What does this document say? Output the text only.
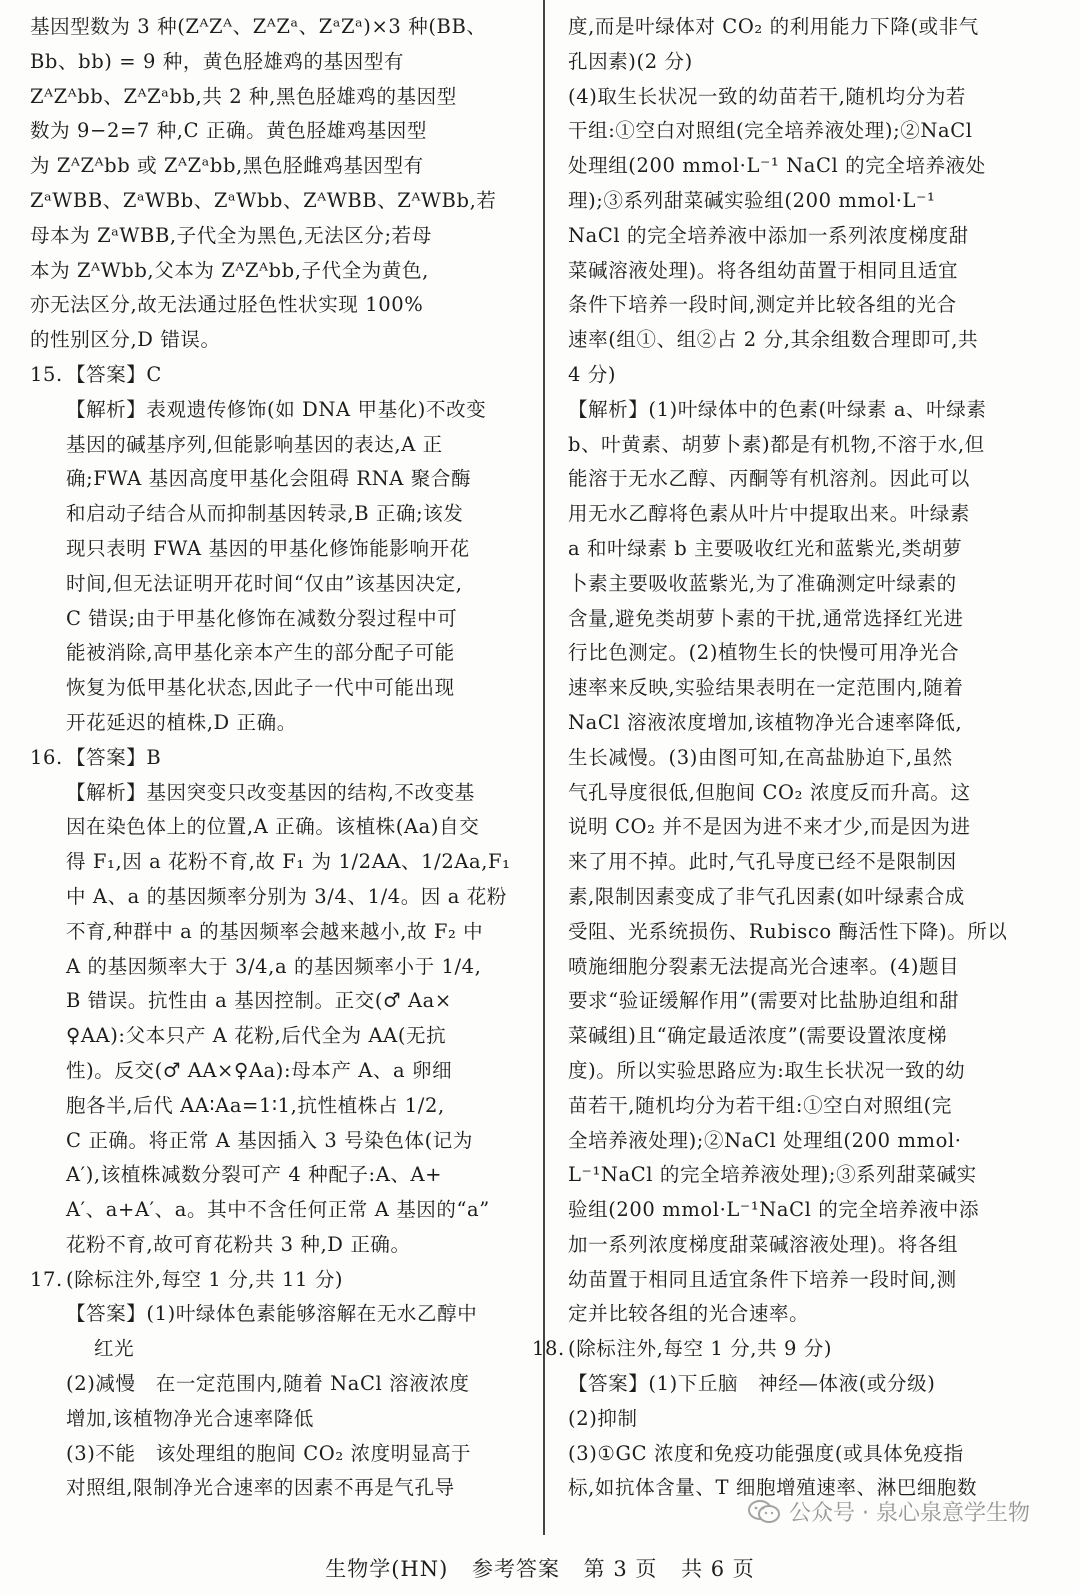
基因型数为 3 种(ZᴬZᴬ、ZᴬZᵃ、ZᵃZᵃ)×3 种(BB、
Bb、bb) = 9 种，黄色胫雄鸡的基因型有
ZᴬZᴬbb、ZᴬZᵃbb,共 2 种,黑色胫雄鸡的基因型
数为 9−2=7 种,C 正确。黄色胫雄鸡基因型
为 ZᴬZᴬbb 或 ZᴬZᵃbb,黑色胫雌鸡基因型有
ZᵃWBB、ZᵃWBb、ZᵃWbb、ZᴬWBB、ZᴬWBb,若
母本为 ZᵃWBB,子代全为黑色,无法区分;若母
本为 ZᴬWbb,父本为 ZᴬZᴬbb,子代全为黄色,
亦无法区分,故无法通过胫色性状实现 100%
的性别区分,D 错误。
15. 【答案】C
【解析】表观遗传修饰(如 DNA 甲基化)不改变
基因的碱基序列,但能影响基因的表达,A 正
确;FWA 基因高度甲基化会阻碍 RNA 聚合酶
和启动子结合从而抑制基因转录,B 正确;该发
现只表明 FWA 基因的甲基化修饰能影响开花
时间,但无法证明开花时间“仅由”该基因决定,
C 错误;由于甲基化修饰在减数分裂过程中可
能被消除,高甲基化亲本产生的部分配子可能
恢复为低甲基化状态,因此子一代中可能出现
开花延迟的植株,D 正确。
16. 【答案】B
【解析】基因突变只改变基因的结构,不改变基
因在染色体上的位置,A 正确。该植株(Aa)自交
得 F₁,因 a 花粉不育,故 F₁ 为 1/2AA、1/2Aa,F₁
中 A、a 的基因频率分别为 3/4、1/4。因 a 花粉
不育,种群中 a 的基因频率会越来越小,故 F₂ 中
A 的基因频率大于 3/4,a 的基因频率小于 1/4,
B 错误。抗性由 a 基因控制。正交(♂ Aa×
♀AA):父本只产 A 花粉,后代全为 AA(无抗
性)。反交(♂ AA×♀Aa):母本产 A、a 卵细
胞各半,后代 AA∶Aa=1∶1,抗性植株占 1/2,
C 正确。将正常 A 基因插入 3 号染色体(记为
A′),该植株减数分裂可产 4 种配子:A、A+
A′、a+A′、a。其中不含任何正常 A 基因的“a”
花粉不育,故可育花粉共 3 种,D 正确。
17. (除标注外,每空 1 分,共 11 分)
【答案】(1)叶绿体色素能够溶解在无水乙醇中
红光
(2)减慢　在一定范围内,随着 NaCl 溶液浓度
增加,该植物净光合速率降低
(3)不能　该处理组的胞间 CO₂ 浓度明显高于
对照组,限制净光合速率的因素不再是气孔导
度,而是叶绿体对 CO₂ 的利用能力下降(或非气
孔因素)(2 分)
(4)取生长状况一致的幼苗若干,随机均分为若
干组:①空白对照组(完全培养液处理);②NaCl
处理组(200 mmol·L⁻¹ NaCl 的完全培养液处
理);③系列甜菜碱实验组(200 mmol·L⁻¹
NaCl 的完全培养液中添加一系列浓度梯度甜
菜碱溶液处理)。将各组幼苗置于相同且适宜
条件下培养一段时间,测定并比较各组的光合
速率(组①、组②占 2 分,其余组数合理即可,共
4 分)
【解析】(1)叶绿体中的色素(叶绿素 a、叶绿素
b、叶黄素、胡萝卜素)都是有机物,不溶于水,但
能溶于无水乙醇、丙酮等有机溶剂。因此可以
用无水乙醇将色素从叶片中提取出来。叶绿素
a 和叶绿素 b 主要吸收红光和蓝紫光,类胡萝
卜素主要吸收蓝紫光,为了准确测定叶绿素的
含量,避免类胡萝卜素的干扰,通常选择红光进
行比色测定。(2)植物生长的快慢可用净光合
速率来反映,实验结果表明在一定范围内,随着
NaCl 溶液浓度增加,该植物净光合速率降低,
生长减慢。(3)由图可知,在高盐胁迫下,虽然
气孔导度很低,但胞间 CO₂ 浓度反而升高。这
说明 CO₂ 并不是因为进不来才少,而是因为进
来了用不掉。此时,气孔导度已经不是限制因
素,限制因素变成了非气孔因素(如叶绿素合成
受阻、光系统损伤、Rubisco 酶活性下降)。所以
喷施细胞分裂素无法提高光合速率。(4)题目
要求“验证缓解作用”(需要对比盐胁迫组和甜
菜碱组)且“确定最适浓度”(需要设置浓度梯
度)。所以实验思路应为:取生长状况一致的幼
苗若干,随机均分为若干组:①空白对照组(完
全培养液处理);②NaCl 处理组(200 mmol·
L⁻¹NaCl 的完全培养液处理);③系列甜菜碱实
验组(200 mmol·L⁻¹NaCl 的完全培养液中添
加一系列浓度梯度甜菜碱溶液处理)。将各组
幼苗置于相同且适宜条件下培养一段时间,测
定并比较各组的光合速率。
18. (除标注外,每空 1 分,共 9 分)
【答案】(1)下丘脑　神经—体液(或分级)
(2)抑制
(3)①GC 浓度和免疫功能强度(或具体免疫指
标,如抗体含量、T 细胞增殖速率、淋巴细胞数
公众号 · 泉心泉意学生物
生物学(HN) 参考答案 第 3 页 共 6 页
